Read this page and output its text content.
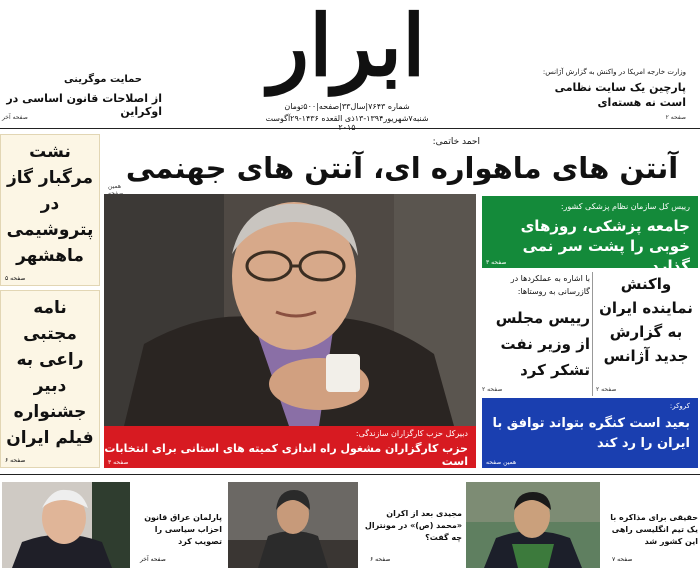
ابرار
شماره ۷۶۴۳|سال۳۳|صفحه|۵۰۰تومان
شنبه۷شهریور۱۳۹۴-۱۳ذی القعده ۱۴۳۶-۲۹آگوست
وزارت خارجه امریکا در واکنش به گزارش آژانس:
پارچین یک سایت نظامی است نه هسته‌ای
صفحه ۲
حمایت موگرینی
از اصلاحات قانون اساسی در اوکراین
صفحه آخر
احمد خاتمی:
آنتن های ماهواره ای، آنتن های جهنمی
همین
نشت مرگبار گاز در پتروشیمی ماهشهر
صفحه ۵
نامه مجتبی راعی به دبیر جشنواره فیلم ایران
صفحه ۶
دبیرکل حزب کارگزاران سازندگی:
حزب کارگزاران مشغول راه اندازی کمیته های استانی برای انتخابات است
صفحه ۳
رییس کل سازمان نظام پزشکی کشور:
جامعه پزشکی، روزهای خوبی را پشت سر نمی گذارد
صفحه ۳
با اشاره به عملکردها در گازرسانی به روستاها:
رییس مجلس از وزیر نفت تشکر کرد
صفحه ۲
واکنش نماینده ایران به گزارش جدید آژانس
صفحه ۲
کروکر:
بعید است کنگره بتواند توافق با ایران را رد کند
همین صفحه
پارلمان عراق قانون احزاب سیاسی را تصویب کرد
صفحه آخر
مجیدی بعد از اکران «محمد (ص)» در مونترال چه گفت؟
صفحه ۶
حقیقی برای مذاکره با یک تیم انگلیسی راهی این کشور شد
صفحه ۷
